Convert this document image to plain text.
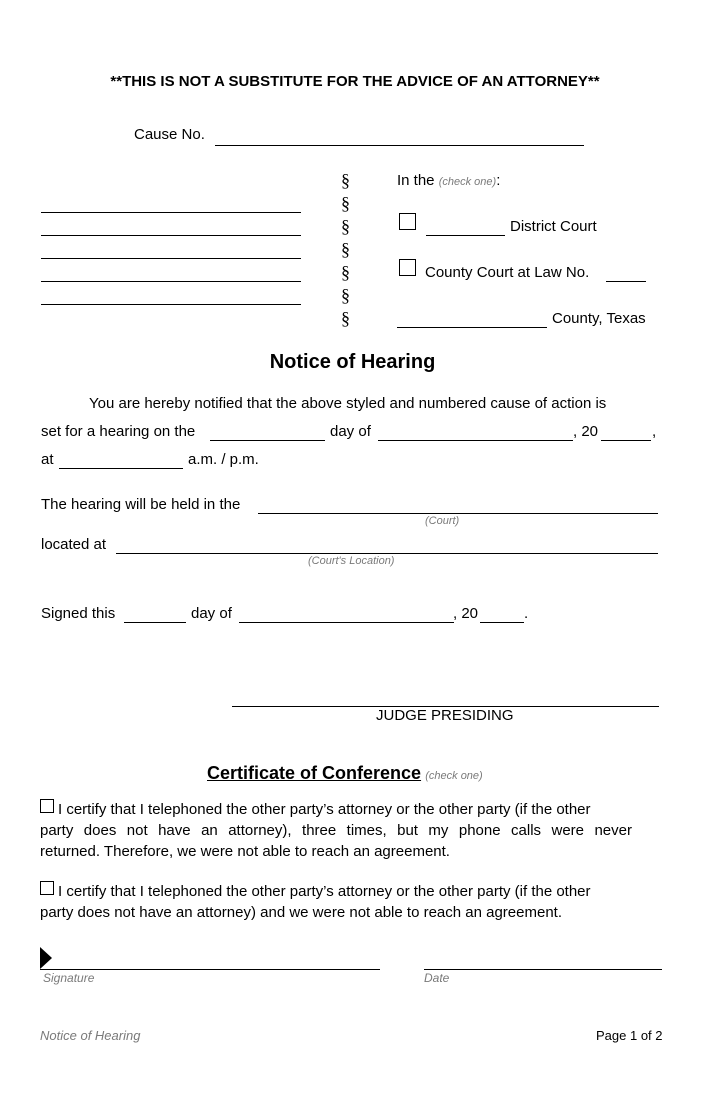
**THIS IS NOT A SUBSTITUTE FOR THE ADVICE OF AN ATTORNEY**
Cause No.
§
§
§
§
§
§
§
In the (check one):
District Court
County Court at Law No.
County, Texas
Notice of Hearing
You are hereby notified that the above styled and numbered cause of action is
set for a hearing on the	day of	, 20	,
at	a.m. / p.m.
The hearing will be held in the
(Court)
located at
(Court's Location)
Signed this	day of	, 20	.
JUDGE PRESIDING
Certificate of Conference (check one)
I certify that I telephoned the other party’s attorney or the other party (if the other
party does not have an attorney), three times, but my phone calls were never
returned. Therefore, we were not able to reach an agreement.
I certify that I telephoned the other party’s attorney or the other party (if the other
party does not have an attorney) and we were not able to reach an agreement.
Signature	Date
Notice of Hearing	Page 1 of 2
